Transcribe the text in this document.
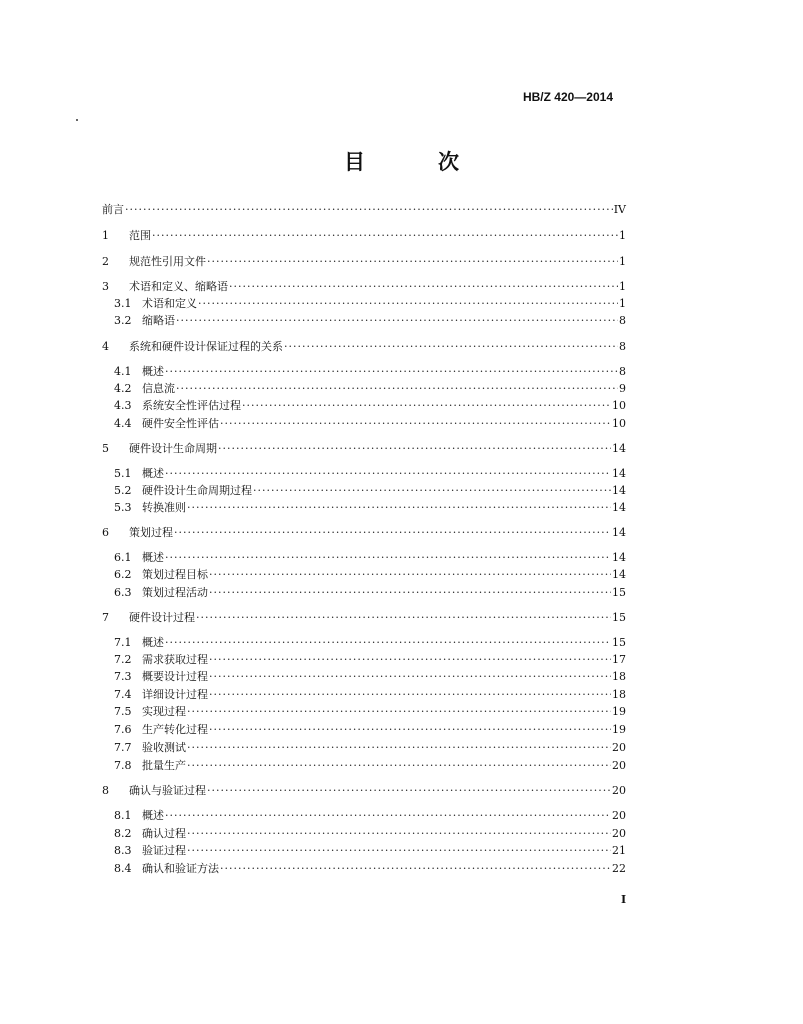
HB/Z 420—2014
目　次
前言 ·····	IV
1	范围 ·····	1
2	规范性引用文件 ·····	1
3	术语和定义、缩略语 ·····	1
3.1 术语和定义 ·····	1
3.2 缩略语 ·····	8
4	系统和硬件设计保证过程的关系 ·····	8
4.1 概述 ·····	8
4.2 信息流 ·····	9
4.3 系统安全性评估过程 ·····	10
4.4 硬件安全性评估 ·····	10
5	硬件设计生命周期 ·····	14
5.1 概述 ·····	14
5.2 硬件设计生命周期过程 ·····	14
5.3 转换准则 ·····	14
6	策划过程 ·····	14
6.1 概述 ·····	14
6.2 策划过程目标 ·····	14
6.3 策划过程活动 ·····	15
7	硬件设计过程 ·····	15
7.1 概述 ·····	15
7.2 需求获取过程 ·····	17
7.3 概要设计过程 ·····	18
7.4 详细设计过程 ·····	18
7.5 实现过程 ·····	19
7.6 生产转化过程 ·····	19
7.7 验收测试 ·····	20
7.8 批量生产 ·····	20
8	确认与验证过程 ·····	20
8.1 概述 ·····	20
8.2 确认过程 ·····	20
8.3 验证过程 ·····	21
8.4 确认和验证方法 ·····	22
I
